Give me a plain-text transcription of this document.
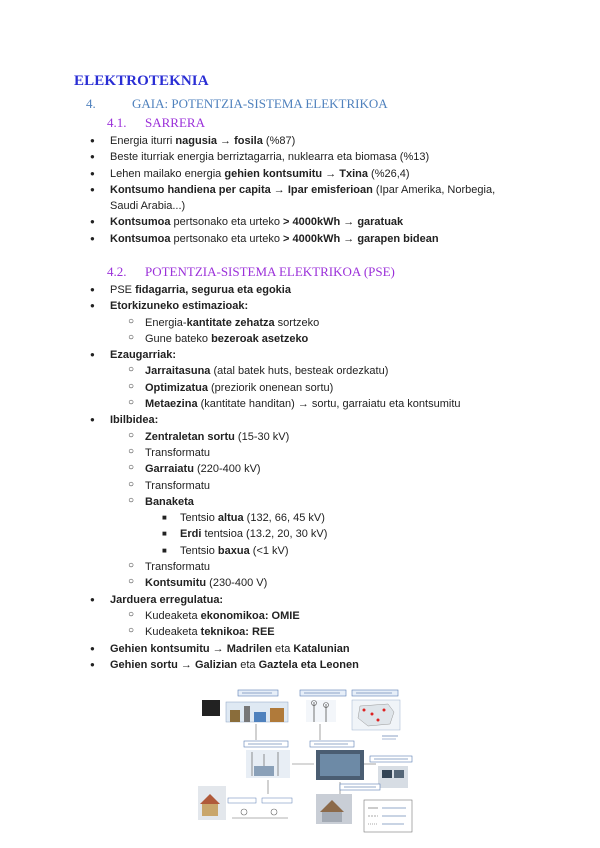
ELEKTROTEKNIA
4.	GAIA: POTENTZIA-SISTEMA ELEKTRIKOA
4.1. SARRERA
● Energia iturri nagusia → fosila (%87)
● Beste iturriak energia berriztagarria, nuklearra eta biomasa (%13)
● Lehen mailako energia gehien kontsumitu → Txina (%26,4)
● Kontsumo handiena per capita → Ipar emisferioan (Ipar Amerika, Norbegia, Saudi Arabia...)
● Kontsumoa pertsonako eta urteko > 4000kWh → garatuak
● Kontsumoa pertsonako eta urteko > 4000kWh → garapen bidean
4.2. POTENTZIA-SISTEMA ELEKTRIKOA (PSE)
● PSE fidagarria, segurua eta egokia
● Etorkizuneko estimazioak:
○ Energia-kantitate zehatza sortzeko
○ Gune bateko bezeroak asetzeko
● Ezaugarriak:
○ Jarraitasuna (atal batek huts, besteak ordezkatu)
○ Optimizatua (preziorik onenean sortu)
○ Metaezina (kantitate handitan) → sortu, garraiatu eta kontsumitu
● Ibilbidea:
○ Zentraletan sortu (15-30 kV)
○ Transformatu
○ Garraiatu (220-400 kV)
○ Transformatu
○ Banaketa
■ Tentsio altua (132, 66, 45 kV)
■ Erdi tentsioa (13.2, 20, 30 kV)
■ Tentsio baxua (<1 kV)
○ Transformatu
○ Kontsumitu (230-400 V)
● Jarduera erregulatua:
○ Kudeaketa ekonomikoa: OMIE
○ Kudeaketa teknikoa: REE
● Gehien kontsumitu → Madrilen eta Katalunian
● Gehien sortu → Galizian eta Gaztela eta Leonen
